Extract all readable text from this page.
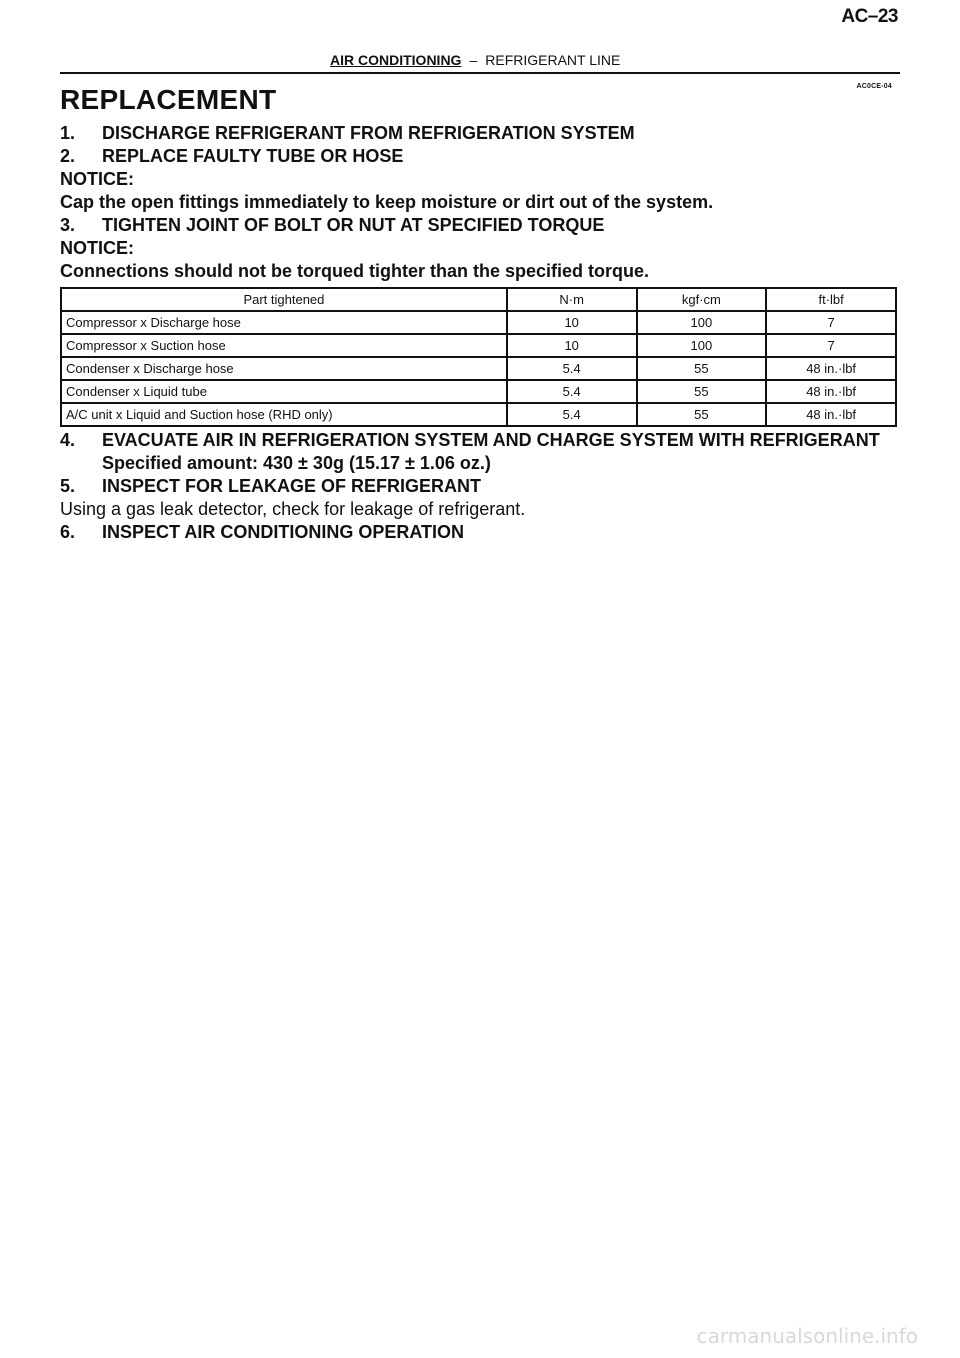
AC–23
AIR CONDITIONING – REFRIGERANT LINE
AC0CE-04
REPLACEMENT
1.	DISCHARGE REFRIGERANT FROM REFRIGERATION SYSTEM
2.	REPLACE FAULTY TUBE OR HOSE
NOTICE:
Cap the open fittings immediately to keep moisture or dirt out of the system.
3.	TIGHTEN JOINT OF BOLT OR NUT AT SPECIFIED TORQUE
NOTICE:
Connections should not be torqued tighter than the specified torque.
Part tightened	N·m	kgf·cm	ft·lbf
Compressor x Discharge hose	10	100	7
Compressor x Suction hose	10	100	7
Condenser x Discharge hose	5.4	55	48 in.·lbf
Condenser x Liquid tube	5.4	55	48 in.·lbf
A/C unit x Liquid and Suction hose (RHD only)	5.4	55	48 in.·lbf
4.	EVACUATE AIR IN REFRIGERATION SYSTEM AND CHARGE SYSTEM WITH REFRIGERANT
Specified amount: 430 ± 30g (15.17 ± 1.06 oz.)
5.	INSPECT FOR LEAKAGE OF REFRIGERANT
Using a gas leak detector, check for leakage of refrigerant.
6.	INSPECT AIR CONDITIONING OPERATION
carmanualsonline.info
